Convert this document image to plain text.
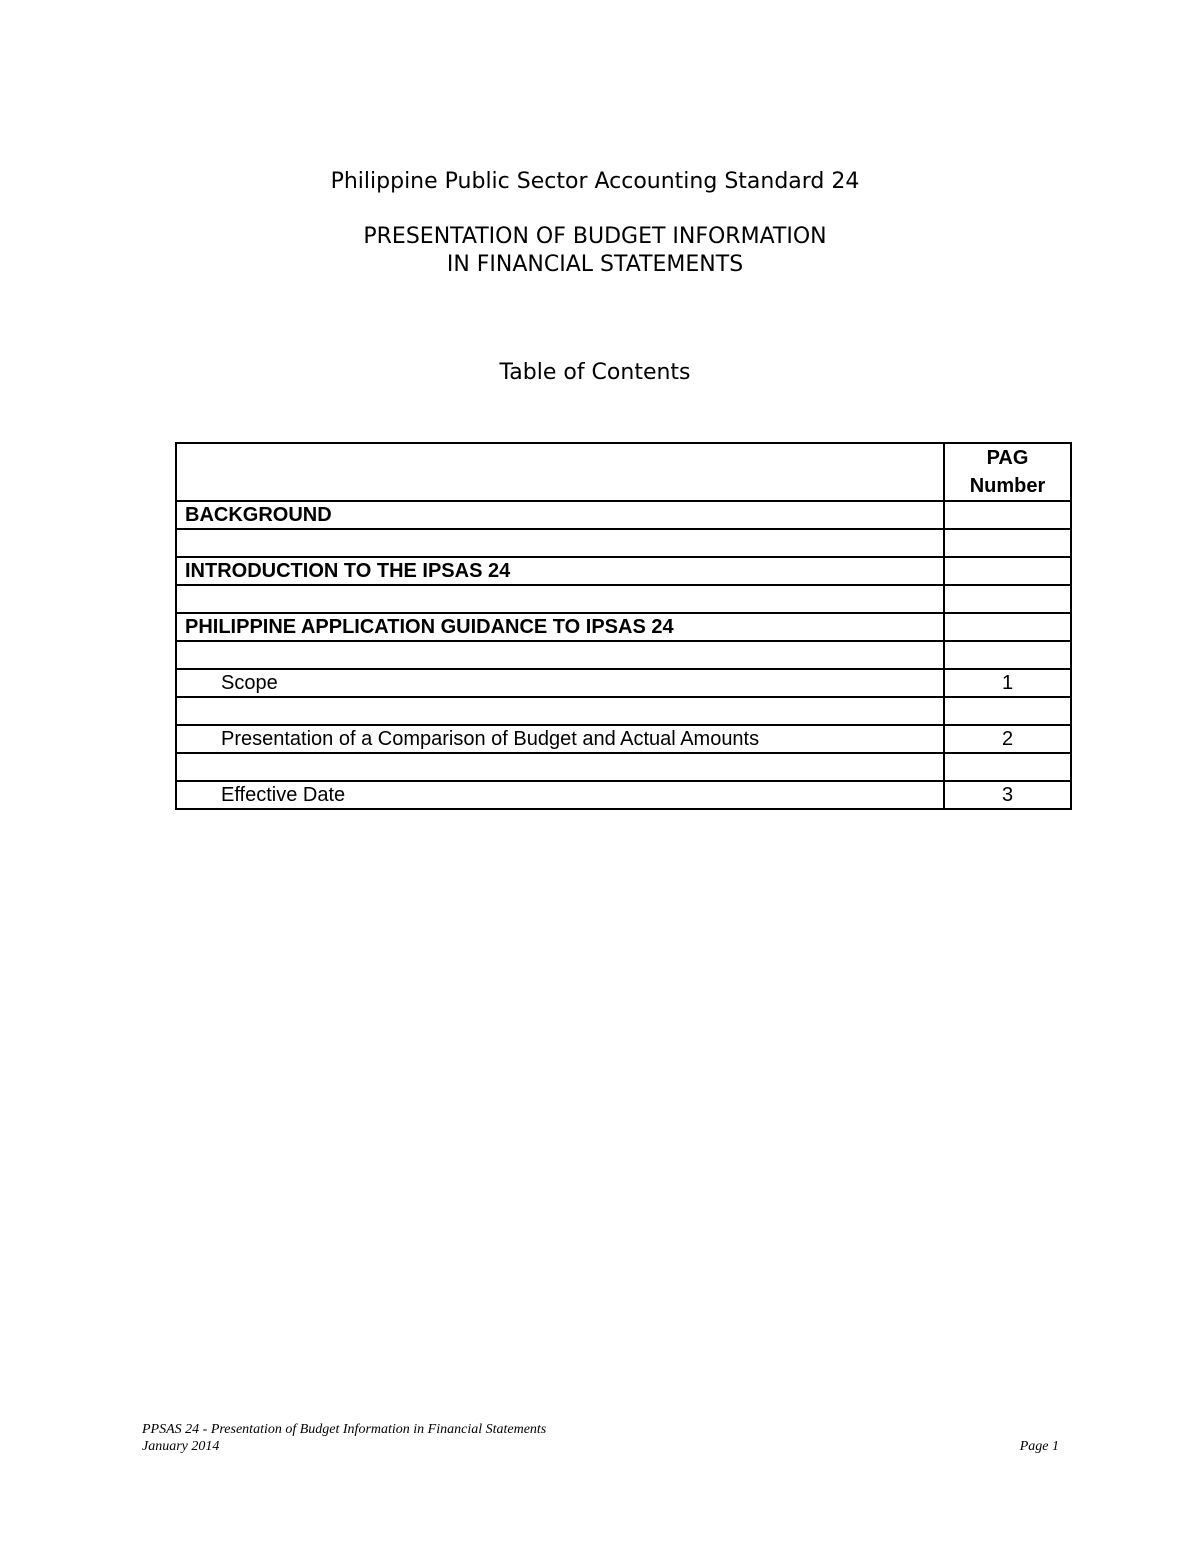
Philippine Public Sector Accounting Standard 24
PRESENTATION OF BUDGET INFORMATION
IN FINANCIAL STATEMENTS
Table of Contents

	PAG
Number

BACKGROUND	

INTRODUCTION TO THE IPSAS 24	

PHILIPPINE APPLICATION GUIDANCE TO IPSAS 24	

Scope	1

Presentation of a Comparison of Budget and Actual Amounts	2

Effective Date	3
PPSAS 24 - Presentation of Budget Information in Financial Statements
January 2014	Page 1
